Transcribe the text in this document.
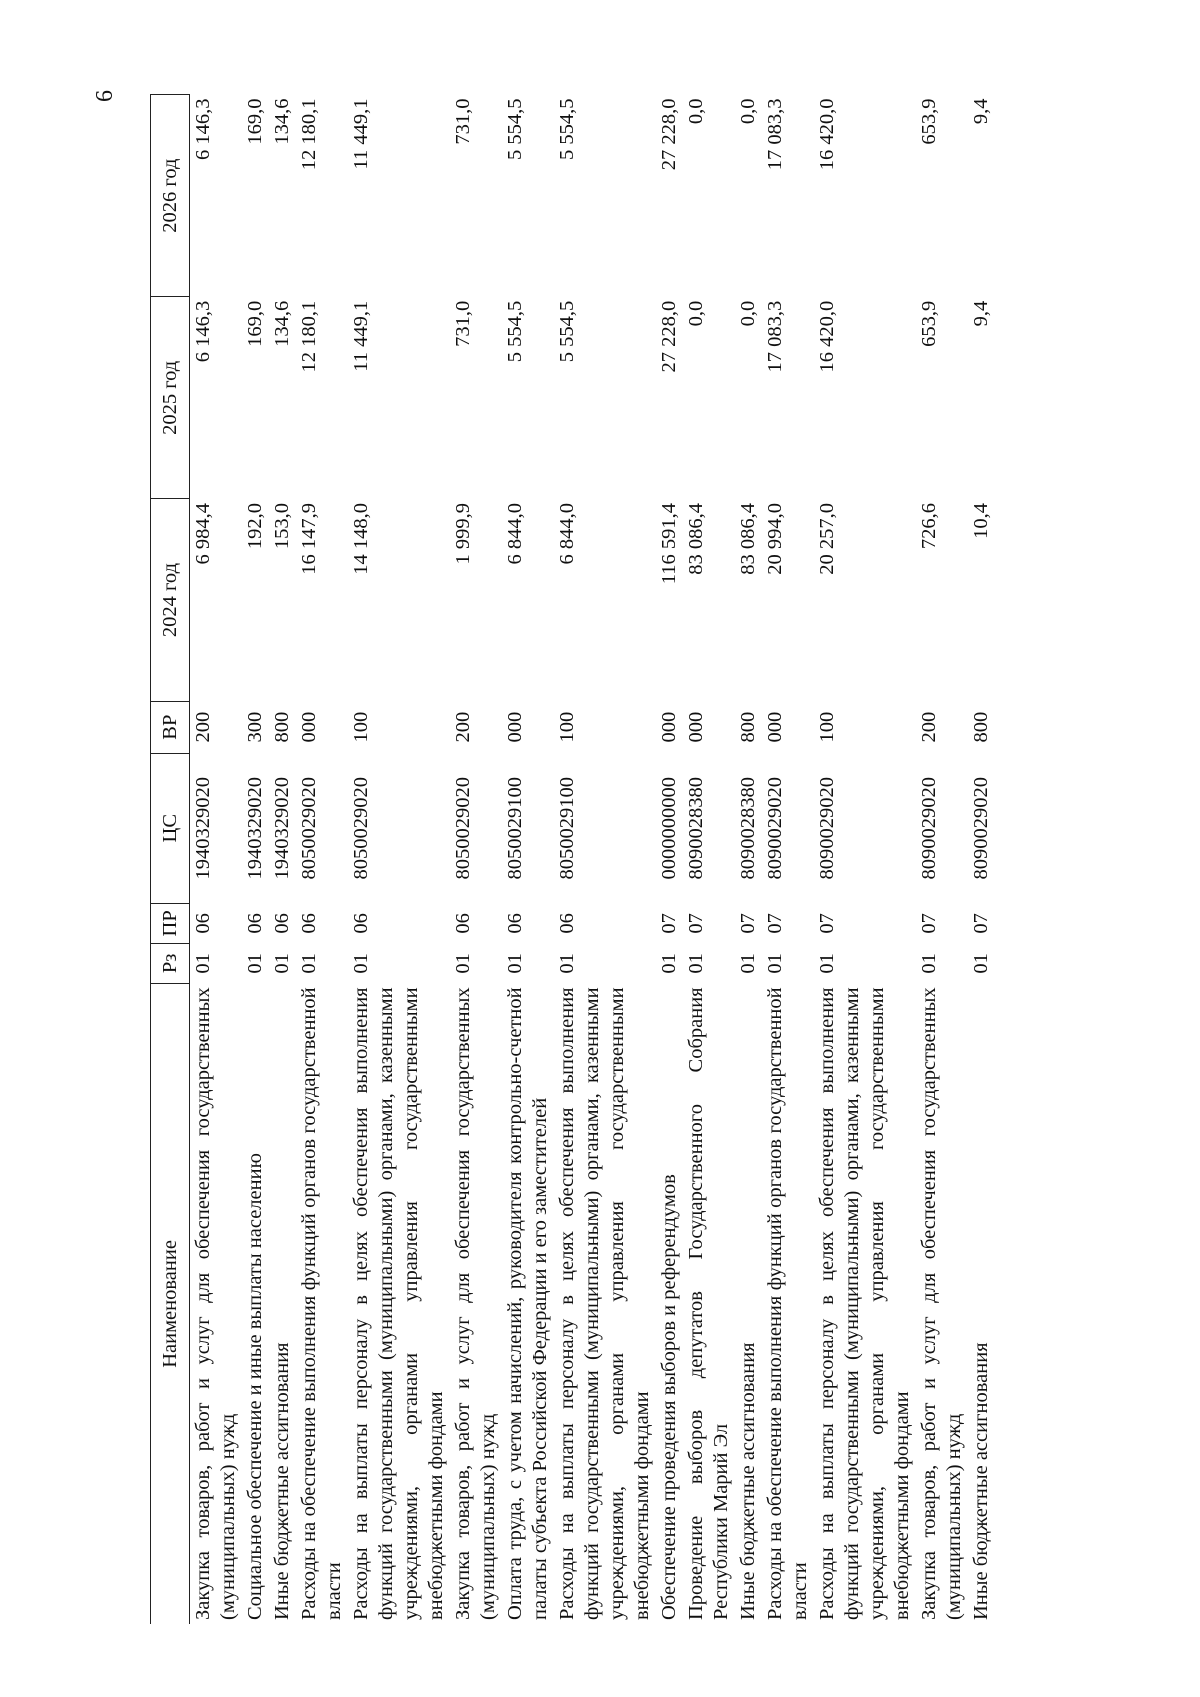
6
Наименование	Рз	ПР	ЦС	ВР	2024 год	2025 год	2026 год
Закупка товаров, работ и услуг для обеспечения государственных (муниципальных) нужд	01	06	1940329020	200	6 984,4	6 146,3	6 146,3
Социальное обеспечение и иные выплаты населению	01	06	1940329020	300	192,0	169,0	169,0
Иные бюджетные ассигнования	01	06	1940329020	800	153,0	134,6	134,6
Расходы на обеспечение выполнения функций органов государственной власти	01	06	8050029020	000	16 147,9	12 180,1	12 180,1
Расходы на выплаты персоналу в целях обеспечения выполнения функций государственными (муниципальными) органами, казенными учреждениями, органами управления государственными внебюджетными фондами	01	06	8050029020	100	14 148,0	11 449,1	11 449,1
Закупка товаров, работ и услуг для обеспечения государственных (муниципальных) нужд	01	06	8050029020	200	1 999,9	731,0	731,0
Оплата труда, с учетом начислений, руководителя контрольно-счетной палаты субъекта Российской Федерации и его заместителей	01	06	8050029100	000	6 844,0	5 554,5	5 554,5
Расходы на выплаты персоналу в целях обеспечения выполнения функций государственными (муниципальными) органами, казенными учреждениями, органами управления государственными внебюджетными фондами	01	06	8050029100	100	6 844,0	5 554,5	5 554,5
Обеспечение проведения выборов и референдумов	01	07	0000000000	000	116 591,4	27 228,0	27 228,0
Проведение выборов депутатов Государственного Собрания Республики Марий Эл	01	07	8090028380	000	83 086,4	0,0	0,0
Иные бюджетные ассигнования	01	07	8090028380	800	83 086,4	0,0	0,0
Расходы на обеспечение выполнения функций органов государственной власти	01	07	8090029020	000	20 994,0	17 083,3	17 083,3
Расходы на выплаты персоналу в целях обеспечения выполнения функций государственными (муниципальными) органами, казенными учреждениями, органами управления государственными внебюджетными фондами	01	07	8090029020	100	20 257,0	16 420,0	16 420,0
Закупка товаров, работ и услуг для обеспечения государственных (муниципальных) нужд	01	07	8090029020	200	726,6	653,9	653,9
Иные бюджетные ассигнования	01	07	8090029020	800	10,4	9,4	9,4
